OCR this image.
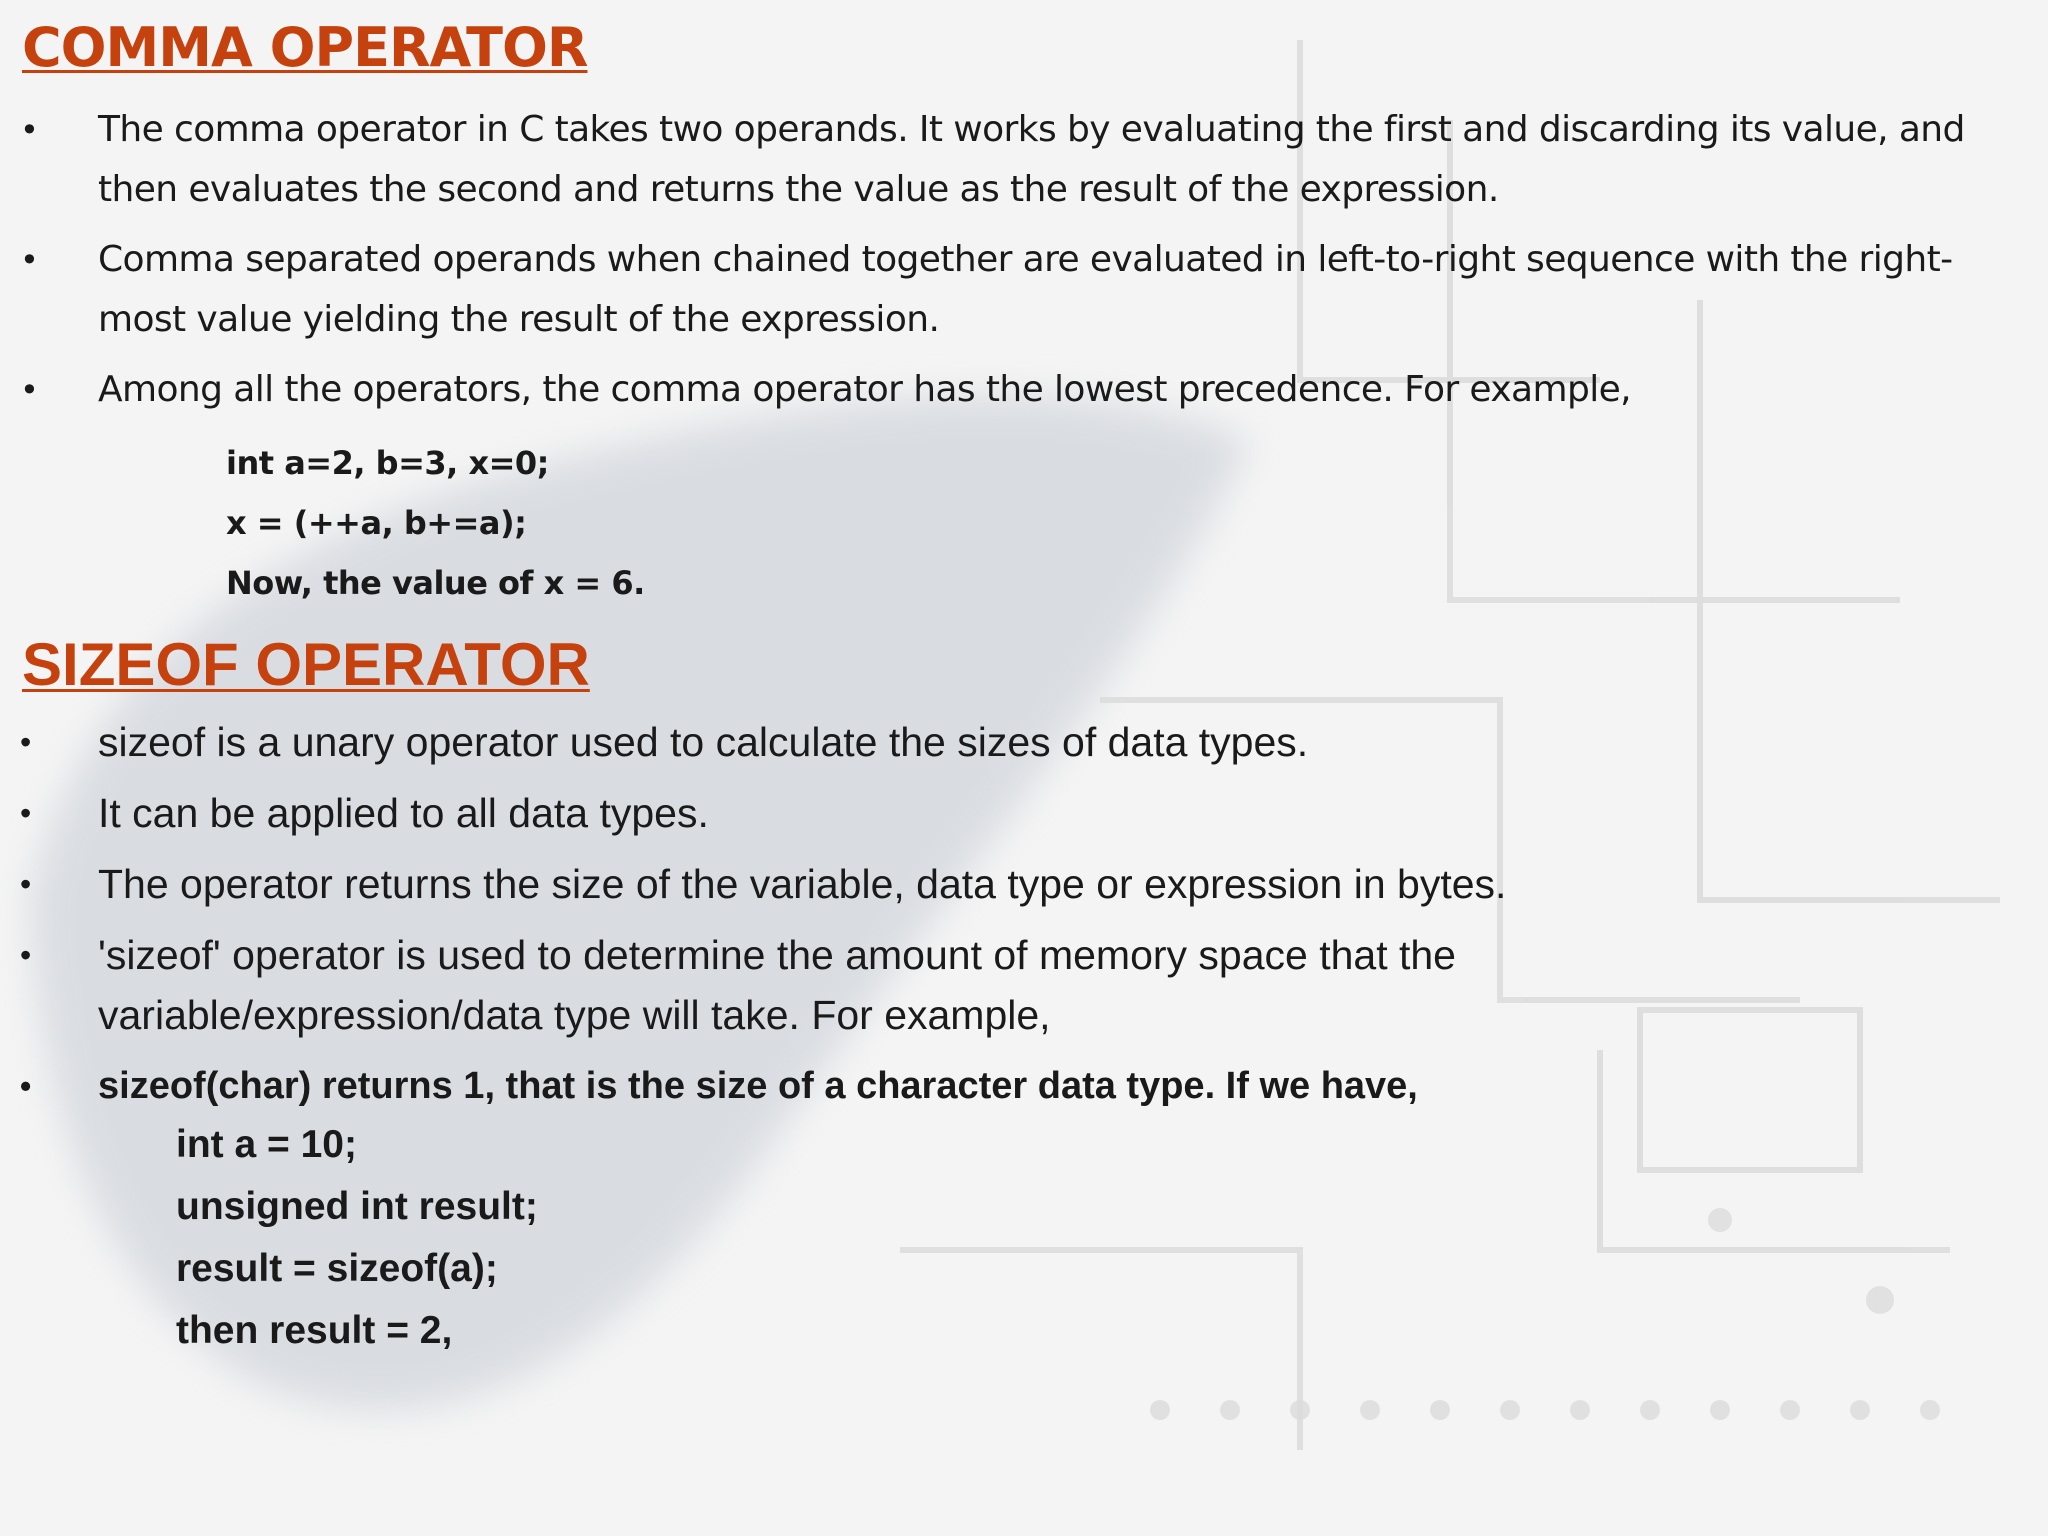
COMMA OPERATOR
• The comma operator in C takes two operands. It works by evaluating the first and discarding its value, and then evaluates the second and returns the value as the result of the expression.
• Comma separated operands when chained together are evaluated in left-to-right sequence with the right-most value yielding the result of the expression.
• Among all the operators, the comma operator has the lowest precedence. For example,
int a=2, b=3, x=0;
x = (++a, b+=a);
Now, the value of x = 6.
SIZEOF OPERATOR
• sizeof is a unary operator used to calculate the sizes of data types.
• It can be applied to all data types.
• The operator returns the size of the variable, data type or expression in bytes.
• 'sizeof' operator is used to determine the amount of memory space that the variable/expression/data type will take. For example,
• sizeof(char) returns 1, that is the size of a character data type. If we have,
int a = 10;
unsigned int result;
result = sizeof(a);
then result = 2,
